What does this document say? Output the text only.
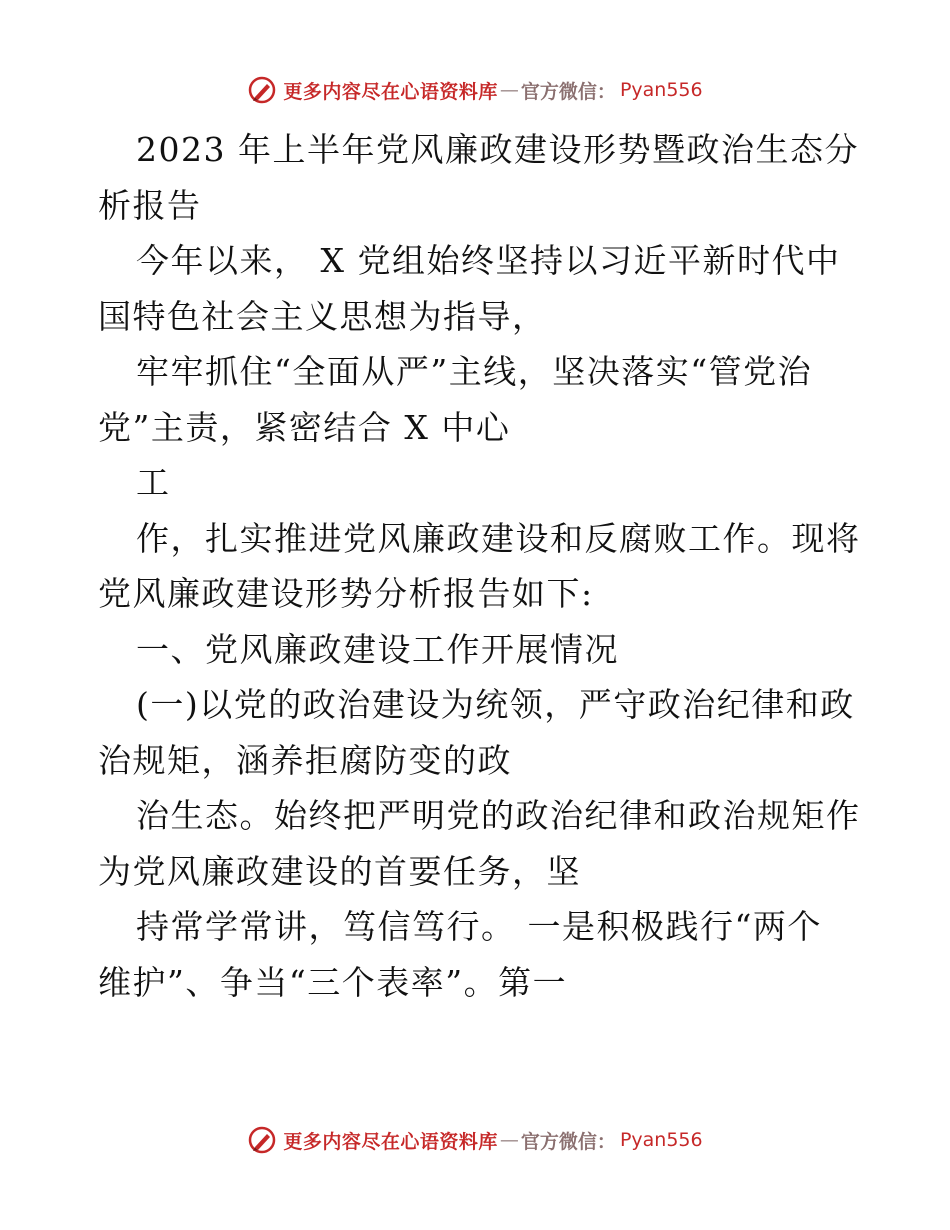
更多内容尽在心语资料库 — 官方微信： Pyan556
2023 年上半年党风廉政建设形势暨政治生态分
析报告
今年以来， X 党组始终坚持以习近平新时代中
国特色社会主义思想为指导，
牢牢抓住“全面从严”主线，坚决落实“管党治
党”主责，紧密结合 X 中心
工
作，扎实推进党风廉政建设和反腐败工作。现将
党风廉政建设形势分析报告如下:
一、党风廉政建设工作开展情况
(一)以党的政治建设为统领，严守政治纪律和政
治规矩，涵养拒腐防变的政
治生态。始终把严明党的政治纪律和政治规矩作
为党风廉政建设的首要任务，坚
持常学常讲，笃信笃行。 一是积极践行“两个
维护”、争当“三个表率”。第一
更多内容尽在心语资料库 — 官方微信： Pyan556
